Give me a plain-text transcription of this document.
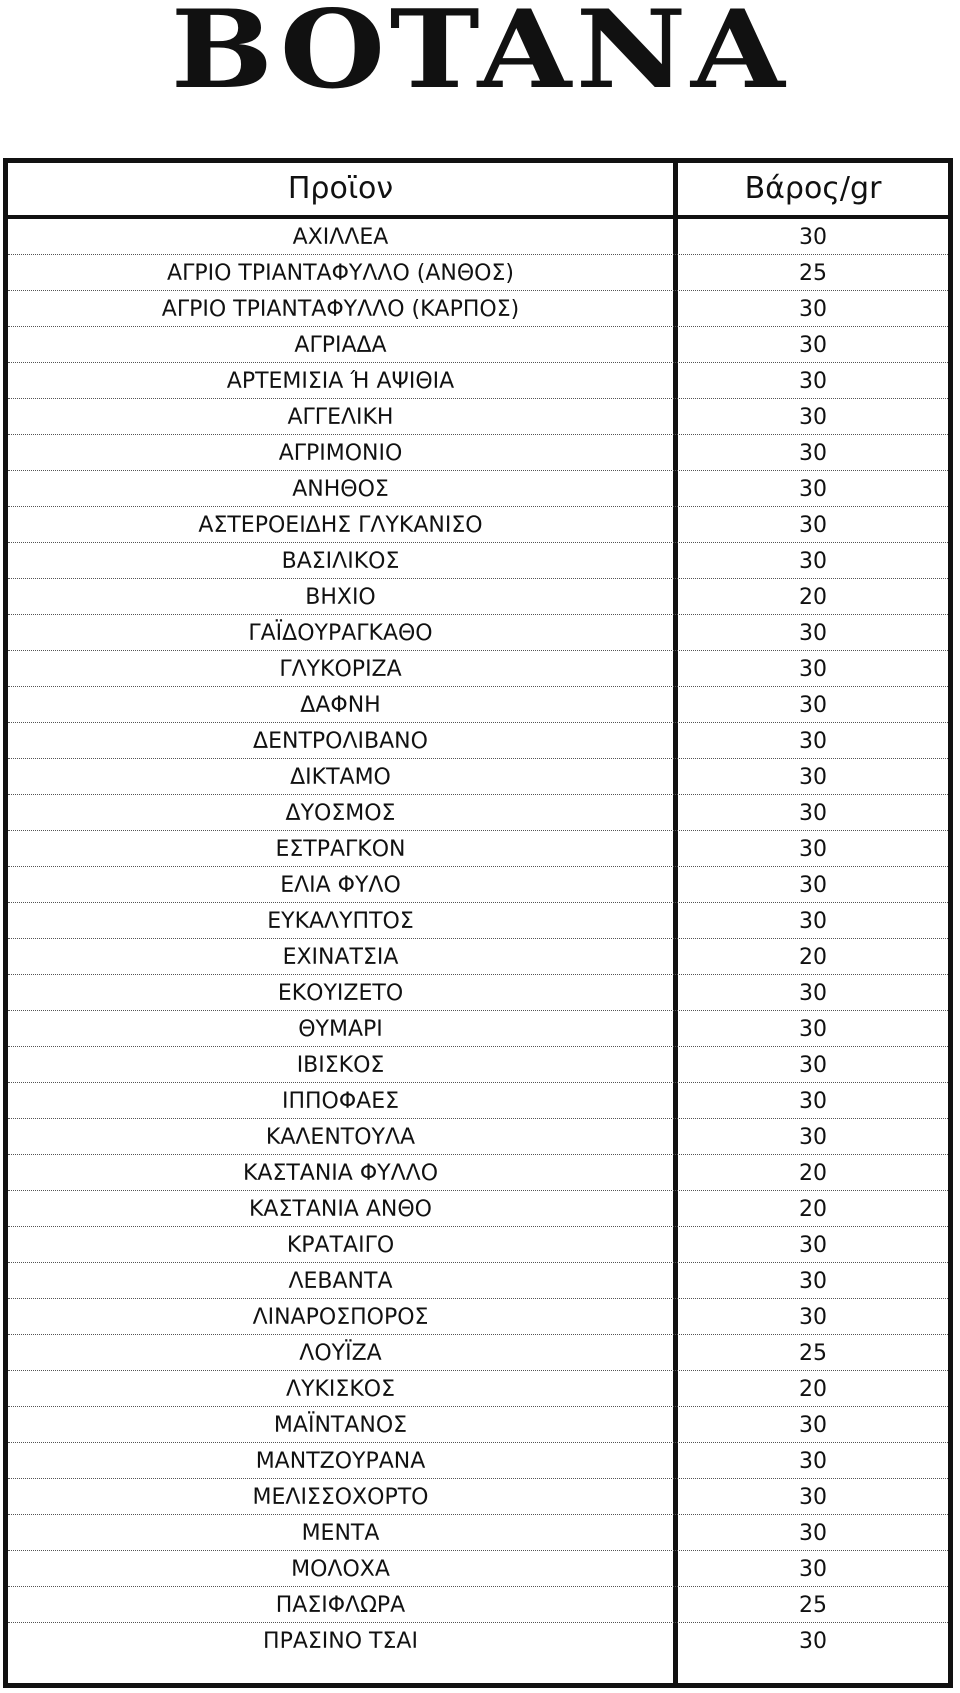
BOTANA
Προϊον	Βάρος/gr
ΑΧΙΛΛΕΑ	30
ΑΓΡΙΟ ΤΡΙΑΝΤΑΦΥΛΛΟ (ΑΝΘΟΣ)	25
ΑΓΡΙΟ ΤΡΙΑΝΤΑΦΥΛΛΟ (ΚΑΡΠΟΣ)	30
ΑΓΡΙΑΔΑ	30
ΑΡΤΕΜΙΣΙΑ Ή ΑΨΙΘΙΑ	30
ΑΓΓΕΛΙΚΗ	30
ΑΓΡΙΜΟΝΙΟ	30
ΑΝΗΘΟΣ	30
ΑΣΤΕΡΟΕΙΔΗΣ ΓΛΥΚΑΝΙΣΟ	30
ΒΑΣΙΛΙΚΟΣ	30
ΒΗΧΙΟ	20
ΓΑΪΔΟΥΡΑΓΚΑΘΟ	30
ΓΛΥΚΟΡΙΖΑ	30
ΔΑΦΝΗ	30
ΔΕΝΤΡΟΛΙΒΑΝΟ	30
ΔΙΚΤΑΜΟ	30
ΔΥΟΣΜΟΣ	30
ΕΣΤΡΑΓΚΟΝ	30
ΕΛΙΑ ΦΥΛΟ	30
ΕΥΚΑΛΥΠΤΟΣ	30
ΕΧΙΝΑΤΣΙΑ	20
ΕΚΟΥΙΖΕΤΟ	30
ΘΥΜΑΡΙ	30
ΙΒΙΣΚΟΣ	30
ΙΠΠΟΦΑΕΣ	30
ΚΑΛΕΝΤΟΥΛΑ	30
ΚΑΣΤΑΝΙΑ ΦΥΛΛΟ	20
ΚΑΣΤΑΝΙΑ ΑΝΘΟ	20
ΚΡΑΤΑΙΓΟ	30
ΛΕΒΑΝΤΑ	30
ΛΙΝΑΡΟΣΠΟΡΟΣ	30
ΛΟΥΪΖΑ	25
ΛΥΚΙΣΚΟΣ	20
ΜΑΪΝΤΑΝΟΣ	30
ΜΑΝΤΖΟΥΡΑΝΑ	30
ΜΕΛΙΣΣΟΧΟΡΤΟ	30
ΜΕΝΤΑ	30
ΜΟΛΟΧΑ	30
ΠΑΣΙΦΛΩΡΑ	25
ΠΡΑΣΙΝΟ ΤΣΑΙ	30
